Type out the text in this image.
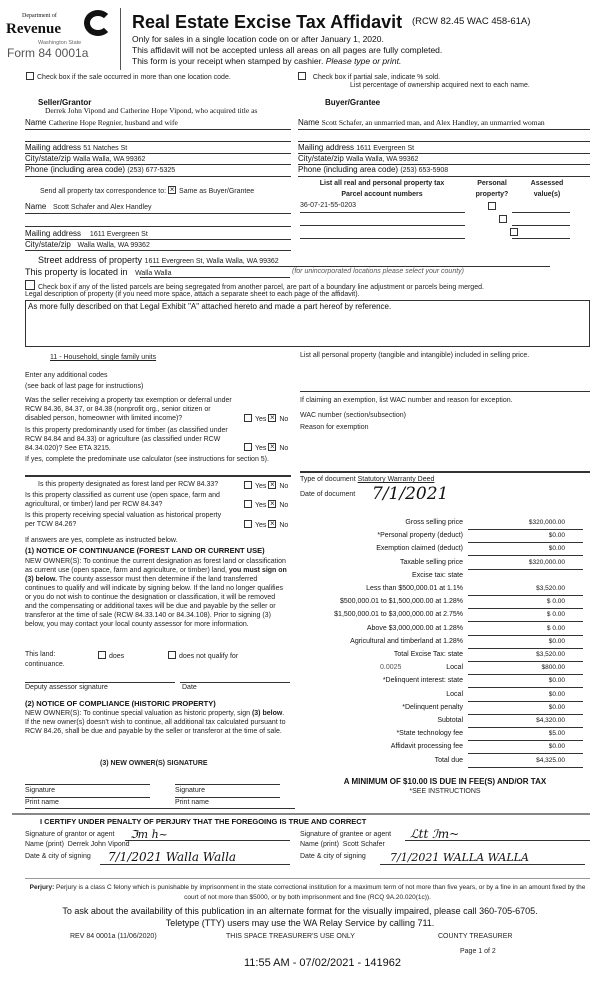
Department of
Revenue
Washington State
Form 84 0001a
Real Estate Excise Tax Affidavit (RCW 82.45 WAC 458-61A)
Only for sales in a single location code on or after January 1, 2020.
This affidavit will not be accepted unless all areas on all pages are fully completed.
This form is your receipt when stamped by cashier. Please type or print.
Check box if the sale occurred in more than one location code.	Check box if partial sale, indicate % sold.
List percentage of ownership acquired next to each name.
Seller/Grantor
Derrek John Vipond and Catherine Hope Vipond, who acquired title as
Name Catherine Hope Regnier, husband and wife
Mailing address 51 Natches St
City/state/zip Walla Walla, WA 99362
Phone (including area code) (253) 677-5325
Buyer/Grantee
Name Scott Schafer, an unmarried man, and Alex Handley, an unmarried woman
Mailing address 1611 Evergreen St
City/state/zip Walla Walla, WA 99362
Phone (including area code) (253) 653-5908
Send all property tax correspondence to: × Same as Buyer/Grantee
Name Scott Schafer and Alex Handley
Mailing address 1611 Evergreen St
City/state/zip Walla Walla, WA 99362
List all real and personal property tax
Parcel account numbers
Personal
property?
Assessed
value(s)
36-07-21-55-0203
Street address of property 1611 Evergreen St, Walla Walla, WA 99362
This property is located in Walla Walla	(for unincorporated locations please select your county)
Check box if any of the listed parcels are being segregated from another parcel, are part of a boundary line adjustment or parcels being merged.
Legal description of property (if you need more space, attach a separate sheet to each page of the affidavit).
As more fully described on that Legal Exhibit "A" attached hereto and made a part hereof by reference.
11 - Household, single family units
Enter any additional codes
(see back of last page for instructions)
Was the seller receiving a property tax exemption or deferral under RCW 84.36, 84.37, or 84.38 (nonprofit org., senior citizen or disabled person, homeowner with limited income)?	Yes × No
Is this property predominantly used for timber (as classified under RCW 84.84 and 84.33) or agriculture (as classified under RCW 84.34.020)? See ETA 3215.	Yes × No
If yes, complete the predominate use calculator (see instructions for section 5).
Is this property designated as forest land per RCW 84.33?	Yes × No
Is this property classified as current use (open space, farm and agricultural, or timber) land per RCW 84.34?	Yes × No
Is this property receiving special valuation as historical property per TCW 84.26?	Yes × No
If answers are yes, complete as instructed below.
(1) NOTICE OF CONTINUANCE (FOREST LAND OR CURRENT USE)
NEW OWNER(S): To continue the current designation as forest land or classification as current use (open space, farm and agriculture, or timber) land, you must sign on (3) below. The county assessor must then determine if the land transferred continues to qualify and will indicate by signing below. If the land no longer qualifies or you do not wish to continue the designation or classification, it will be removed and the compensating or additional taxes will be due and payable by the seller or transferor at the time of sale (RCW 84.33.140 or 84.34.108). Prior to signing (3) below, you may contact your local county assessor for more information.
This land:	does	does not qualify for
continuance.
Deputy assessor signature	Date
(2) NOTICE OF COMPLIANCE (HISTORIC PROPERTY)
NEW OWNER(S): To continue special valuation as historic property, sign (3) below. If the new owner(s) doesn't wish to continue, all additional tax calculated pursuant to RCW 84.26, shall be due and payable by the seller or transferor at the time of sale.
(3) NEW OWNER(S) SIGNATURE
Signature	Signature
Print name	Print name
List all personal property (tangible and intangible) included in selling price.
If claiming an exemption, list WAC number and reason for exception.
WAC number (section/subsection)
Reason for exemption
Type of document Statutory Warranty Deed
Date of document 7/1/2021
Gross selling price	$320,000.00
*Personal property (deduct)	$0.00
Exemption claimed (deduct)	$0.00
Taxable selling price	$320,000.00
Excise tax: state
Less than $500,000.01 at 1.1%	$3,520.00
$500,000.01 to $1,500,000.00 at 1.28%	$ 0.00
$1,500,000.01 to $3,000,000.00 at 2.75%	$ 0.00
Above $3,000,000.00 at 1.28%	$ 0.00
Agricultural and timberland at 1.28%	$0.00
Total Excise Tax: state	$3,520.00
Local	$800.00
*Delinquent interest: state	$0.00
Local	$0.00
*Delinquent penalty	$0.00
Subtotal	$4,320.00
*State technology fee	$5.00
Affidavit processing fee	$0.00
Total due	$4,325.00
0.0025
A MINIMUM OF $10.00 IS DUE IN FEE(S) AND/OR TAX
*SEE INSTRUCTIONS
I CERTIFY UNDER PENALTY OF PERJURY THAT THE FOREGOING IS TRUE AND CORRECT
Signature of grantor or agent ℑm h~
Name (print) Derrek John Vipond
Date & city of signing 7/1/2021 Walla Walla
Signature of grantee or agent ℒtt ℐm~
Name (print) Scott Schafer
Date & city of signing 7/1/2021 WALLA WALLA
Perjury: Perjury is a class C felony which is punishable by imprisonment in the state correctional institution for a maximum term of not more than five years, or by a fine in an amount fixed by the court of not more than $5000, or by both imprisonment and fine (RCQ 9A.20.020(1c)).
To ask about the availability of this publication in an alternate format for the visually impaired, please call 360-705-6705.
Teletype (TTY) users may use the WA Relay Service by calling 711.
REV 84 0001a (11/06/2020)	THIS SPACE TREASURER'S USE ONLY	COUNTY TREASURER
Page 1 of 2
11:55 AM - 07/02/2021 - 141962
